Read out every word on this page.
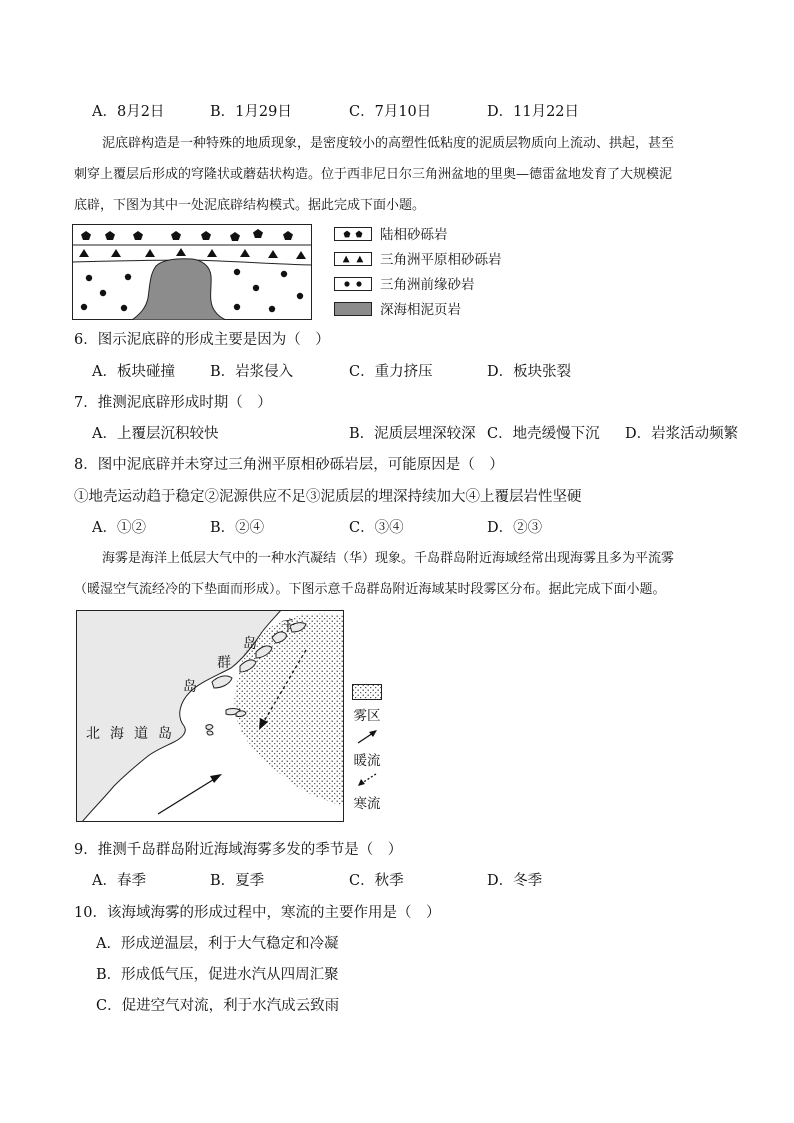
A．8月2日	B．1月29日	C．7月10日	D．11月22日
泥底辟构造是一种特殊的地质现象，是密度较小的高塑性低粘度的泥质层物质向上流动、拱起，甚至
刺穿上覆层后形成的穹隆状或蘑菇状构造。位于西非尼日尔三角洲盆地的里奥—德雷盆地发育了大规模泥
底辟，下图为其中一处泥底辟结构模式。据此完成下面小题。
陆相砂砾岩
三角洲平原相砂砾岩
三角洲前缘砂岩
深海相泥页岩
6．图示泥底辟的形成主要是因为（　）
A．板块碰撞 B．岩浆侵入	C．重力挤压	D．板块张裂
7．推测泥底辟形成时期（　）
A．上覆层沉积较快	B．泥质层埋深较深 C．地壳缓慢下沉 D．岩浆活动频繁
8．图中泥底辟并未穿过三角洲平原相砂砾岩层，可能原因是（　）
①地壳运动趋于稳定②泥源供应不足③泥质层的埋深持续加大④上覆层岩性坚硬
A．①②	B．②④	C．③④	D．②③
海雾是海洋上低层大气中的一种水汽凝结（华）现象。千岛群岛附近海域经常出现海雾且多为平流雾
（暖湿空气流经冷的下垫面而形成）。下图示意千岛群岛附近海域某时段雾区分布。据此完成下面小题。
北海道岛
千
岛
群
岛
雾区
暖流
寒流
9．推测千岛群岛附近海域海雾多发的季节是（　）
A．春季	B．夏季	C．秋季	D．冬季
10．该海域海雾的形成过程中，寒流的主要作用是（　）
A．形成逆温层，利于大气稳定和冷凝
B．形成低气压，促进水汽从四周汇聚
C．促进空气对流，利于水汽成云致雨
